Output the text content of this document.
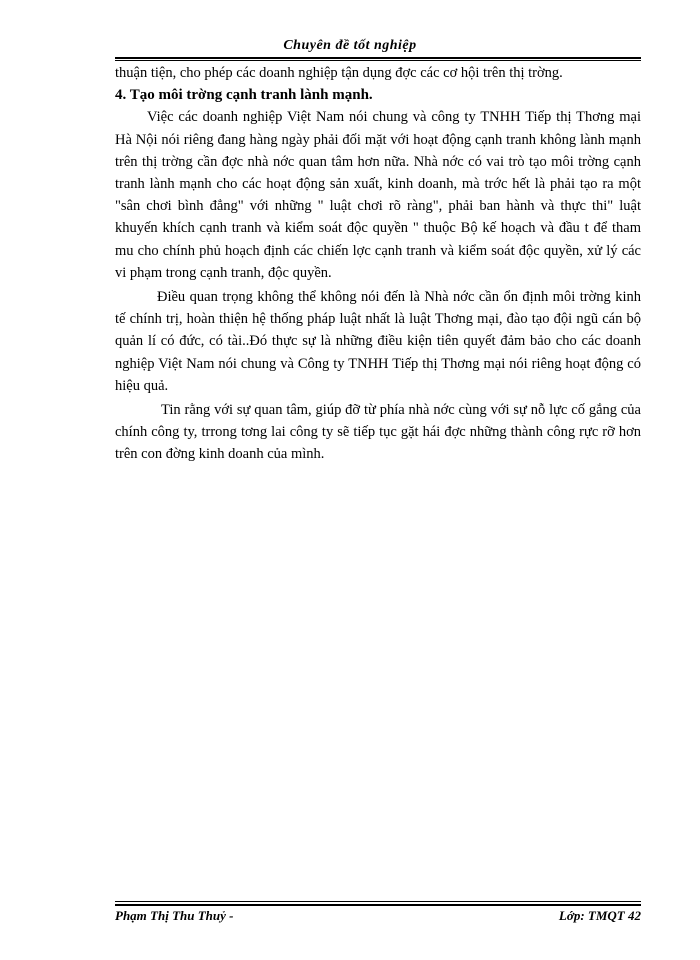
Chuyên đề tốt nghiệp

thuận tiện, cho phép các doanh nghiệp tận dụng đợc các cơ hội trên thị trờng.

4. Tạo môi trờng cạnh tranh lành mạnh.

Việc các doanh nghiệp Việt Nam nói chung và công ty TNHH Tiếp thị Thơng mại Hà Nội nói riêng đang hàng ngày phải đối mặt với hoạt động cạnh tranh không lành mạnh trên thị trờng cần đợc nhà nớc quan tâm hơn nữa. Nhà nớc có vai trò tạo môi trờng cạnh tranh lành mạnh cho các hoạt động sản xuất, kinh doanh, mà trớc hết là phải tạo ra một "sân chơi bình đẳng" với những " luật chơi rõ ràng", phải ban hành và thực thi" luật khuyến khích cạnh tranh và kiểm soát độc quyền " thuộc Bộ kế hoạch và đầu t để tham mu cho chính phủ hoạch định các chiến lợc cạnh tranh và kiểm soát độc quyền, xử lý các vi phạm trong cạnh tranh, độc quyền.

Điều quan trọng không thể không nói đến là Nhà nớc cần ổn định môi trờng kinh tế chính trị, hoàn thiện hệ thống pháp luật nhất là luật Thơng mại, đào tạo đội ngũ cán bộ quản lí có đức, có tài..Đó thực sự là những điều kiện tiên quyết đảm bảo cho các doanh nghiệp Việt Nam nói chung và Công ty TNHH Tiếp thị Thơng mại nói riêng hoạt động có hiệu quả.

Tin rằng với sự quan tâm, giúp đỡ từ phía nhà nớc cùng với sự nỗ lực cố gắng của chính công ty, trrong tơng lai công ty sẽ tiếp tục gặt hái đợc những thành công rực rỡ hơn trên con đờng kinh doanh của mình.

Phạm Thị Thu Thuỷ -	Lớp: TMQT 42
